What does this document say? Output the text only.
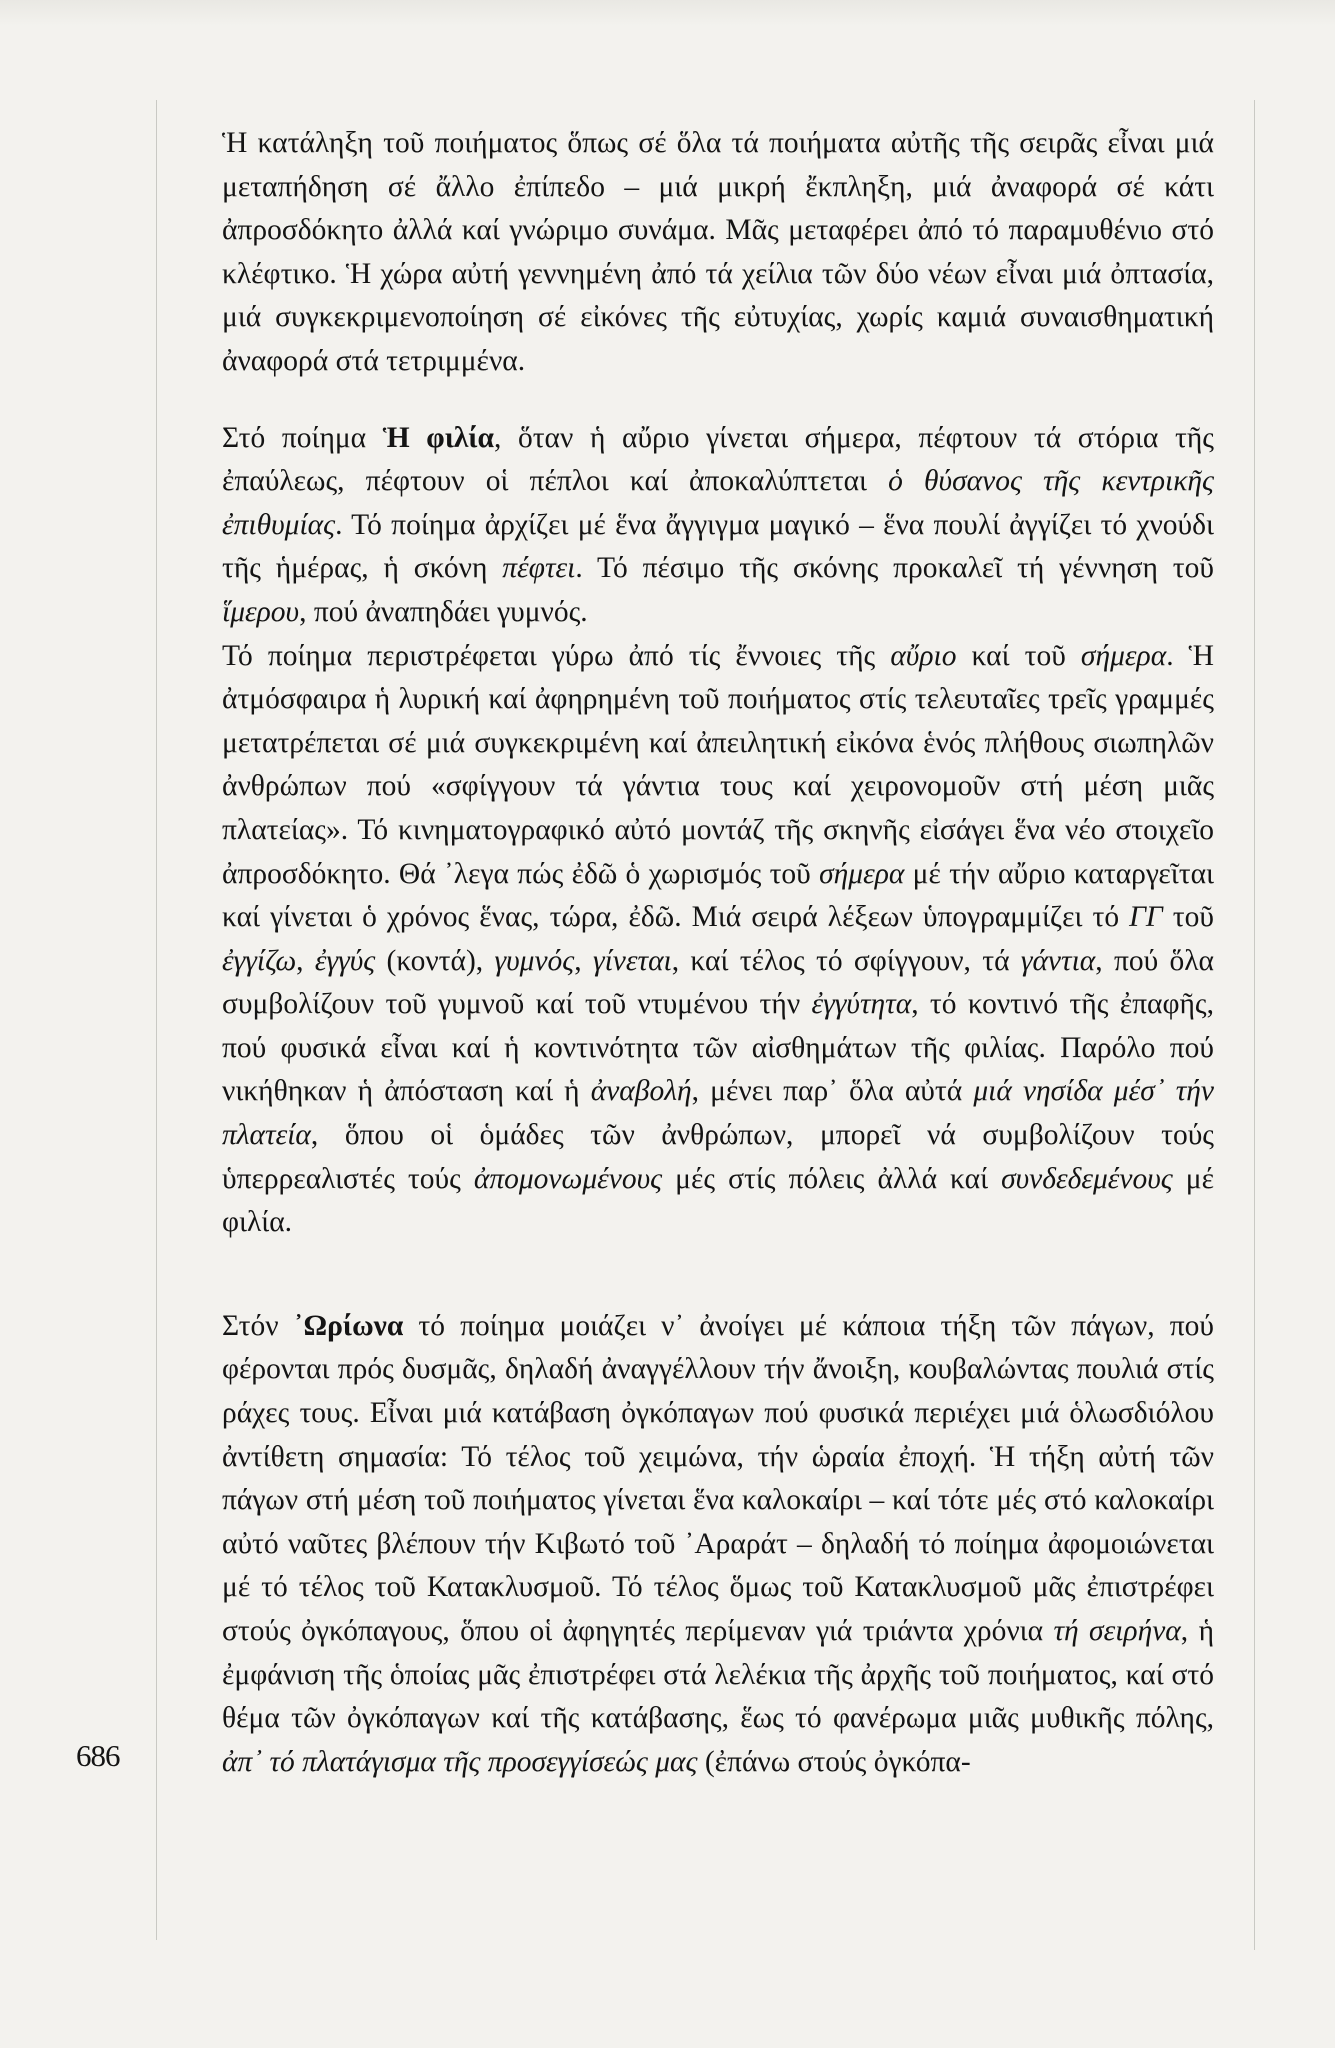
686

Ἡ κατάληξη τοῦ ποιήματος ὅπως σέ ὅλα τά ποιήματα αὐτῆς τῆς σειρᾶς εἶναι μιά μεταπήδηση σέ ἄλλο ἐπίπεδο – μιά μικρή ἔκπληξη, μιά ἀναφορά σέ κάτι ἀπροσδόκητο ἀλλά καί γνώριμο συνάμα. Μᾶς μεταφέρει ἀπό τό παραμυθένιο στό κλέφτικο. Ἡ χώρα αὐτή γεννημένη ἀπό τά χείλια τῶν δύο νέων εἶναι μιά ὀπτασία, μιά συγκεκριμενοποίηση σέ εἰκόνες τῆς εὐτυχίας, χωρίς καμιά συναισθηματική ἀναφορά στά τετριμμένα.

Στό ποίημα Ἡ φιλία, ὅταν ἡ αὔριο γίνεται σήμερα, πέφτουν τά στόρια τῆς ἐπαύλεως, πέφτουν οἱ πέπλοι καί ἀποκαλύπτεται ὁ θύσανος τῆς κεντρικῆς ἐπιθυμίας. Τό ποίημα ἀρχίζει μέ ἕνα ἄγγιγμα μαγικό – ἕνα πουλί ἀγγίζει τό χνούδι τῆς ἡμέρας, ἡ σκόνη πέφτει. Τό πέσιμο τῆς σκόνης προκαλεῖ τή γέννηση τοῦ ἵμερου, πού ἀναπηδάει γυμνός.

Τό ποίημα περιστρέφεται γύρω ἀπό τίς ἔννοιες τῆς αὔριο καί τοῦ σήμερα. Ἡ ἀτμόσφαιρα ἡ λυρική καί ἀφηρημένη τοῦ ποιήματος στίς τελευταῖες τρεῖς γραμμές μετατρέπεται σέ μιά συγκεκριμένη καί ἀπειλητική εἰκόνα ἑνός πλήθους σιωπηλῶν ἀνθρώπων πού «σφίγγουν τά γάντια τους καί χειρονομοῦν στή μέση μιᾶς πλατείας». Τό κινηματογραφικό αὐτό μοντάζ τῆς σκηνῆς εἰσάγει ἕνα νέο στοιχεῖο ἀπροσδόκητο. Θά ᾽λεγα πώς ἐδῶ ὁ χωρισμός τοῦ σήμερα μέ τήν αὔριο καταργεῖται καί γίνεται ὁ χρόνος ἕνας, τώρα, ἐδῶ. Μιά σειρά λέξεων ὑπογραμμίζει τό ΓΓ τοῦ ἐγγίζω, ἐγγύς (κοντά), γυμνός, γίνεται, καί τέλος τό σφίγγουν, τά γάντια, πού ὅλα συμβολίζουν τοῦ γυμνοῦ καί τοῦ ντυμένου τήν ἐγγύτητα, τό κοντινό τῆς ἐπαφῆς, πού φυσικά εἶναι καί ἡ κοντινότητα τῶν αἰσθημάτων τῆς φιλίας. Παρόλο πού νικήθηκαν ἡ ἀπόσταση καί ἡ ἀναβολή, μένει παρ᾽ ὅλα αὐτά μιά νησίδα μέσ᾽ τήν πλατεία, ὅπου οἱ ὁμάδες τῶν ἀνθρώπων, μπορεῖ νά συμβολίζουν τούς ὑπερρεαλιστές τούς ἀπομονωμένους μές στίς πόλεις ἀλλά καί συνδεδεμένους μέ φιλία.

Στόν ᾽Ωρίωνα τό ποίημα μοιάζει ν᾽ ἀνοίγει μέ κάποια τήξη τῶν πάγων, πού φέρονται πρός δυσμᾶς, δηλαδή ἀναγγέλλουν τήν ἄνοιξη, κουβαλώντας πουλιά στίς ράχες τους. Εἶναι μιά κατάβαση ὀγκόπαγων πού φυσικά περιέχει μιά ὁλωσδιόλου ἀντίθετη σημασία: Τό τέλος τοῦ χειμώνα, τήν ὡραία ἐποχή. Ἡ τήξη αὐτή τῶν πάγων στή μέση τοῦ ποιήματος γίνεται ἕνα καλοκαίρι – καί τότε μές στό καλοκαίρι αὐτό ναῦτες βλέπουν τήν Κιβωτό τοῦ ᾽Αραράτ – δηλαδή τό ποίημα ἀφομοιώνεται μέ τό τέλος τοῦ Κατακλυσμοῦ. Τό τέλος ὅμως τοῦ Κατακλυσμοῦ μᾶς ἐπιστρέφει στούς ὀγκόπαγους, ὅπου οἱ ἀφηγητές περίμεναν γιά τριάντα χρόνια τή σειρήνα, ἡ ἐμφάνιση τῆς ὁποίας μᾶς ἐπιστρέφει στά λελέκια τῆς ἀρχῆς τοῦ ποιήματος, καί στό θέμα τῶν ὀγκόπαγων καί τῆς κατάβασης, ἕως τό φανέρωμα μιᾶς μυθικῆς πόλης, ἀπ᾽ τό πλατάγισμα τῆς προσεγγίσεώς μας (ἐπάνω στούς ὀγκόπα-
